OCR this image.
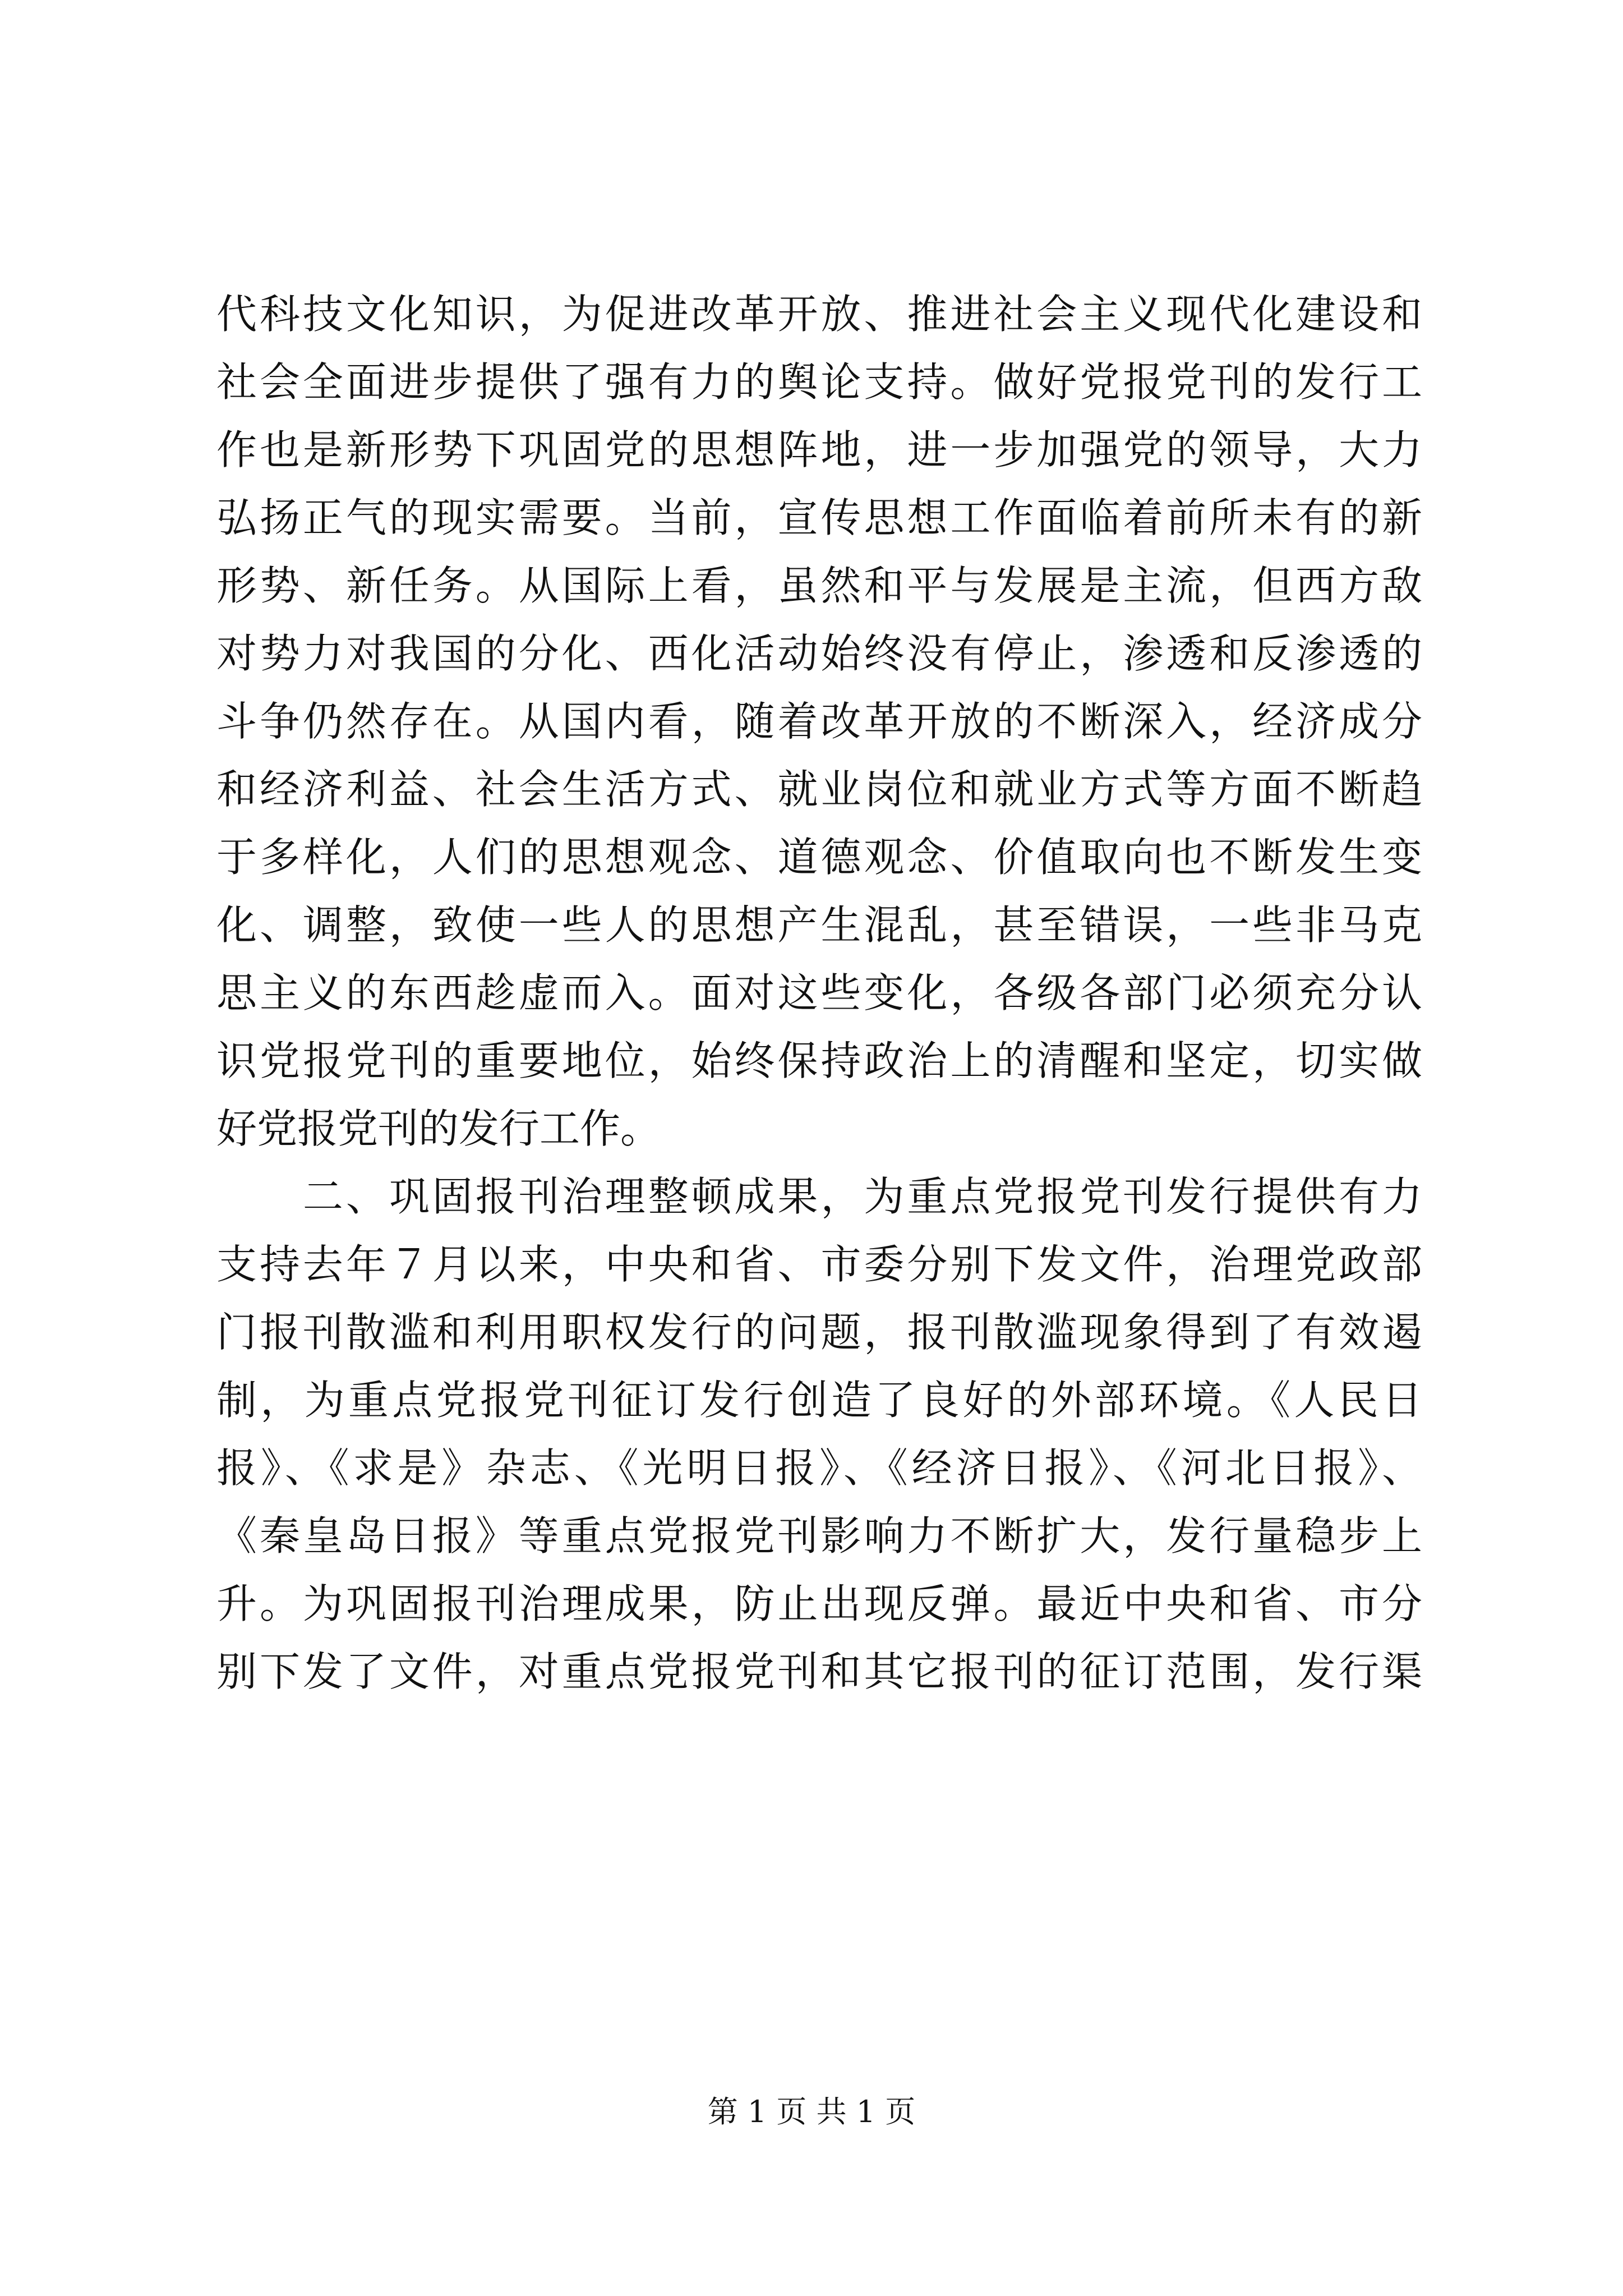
代科技文化知识，为促进改革开放、推进社会主义现代化建设和
社会全面进步提供了强有力的舆论支持。做好党报党刊的发行工
作也是新形势下巩固党的思想阵地，进一步加强党的领导，大力
弘扬正气的现实需要。当前，宣传思想工作面临着前所未有的新
形势、新任务。从国际上看，虽然和平与发展是主流，但西方敌
对势力对我国的分化、西化活动始终没有停止，渗透和反渗透的
斗争仍然存在。从国内看，随着改革开放的不断深入，经济成分
和经济利益、社会生活方式、就业岗位和就业方式等方面不断趋
于多样化，人们的思想观念、道德观念、价值取向也不断发生变
化、调整，致使一些人的思想产生混乱，甚至错误，一些非马克
思主义的东西趁虚而入。面对这些变化，各级各部门必须充分认
识党报党刊的重要地位，始终保持政治上的清醒和坚定，切实做
好党报党刊的发行工作。
　　二、巩固报刊治理整顿成果，为重点党报党刊发行提供有力
支持去年７月以来，中央和省、市委分别下发文件，治理党政部
门报刊散滥和利用职权发行的问题，报刊散滥现象得到了有效遏
制，为重点党报党刊征订发行创造了良好的外部环境。《人民日
报》、《求是》杂志、《光明日报》、《经济日报》、《河北日报》、
《秦皇岛日报》等重点党报党刊影响力不断扩大，发行量稳步上
升。为巩固报刊治理成果，防止出现反弹。最近中央和省、市分
别下发了文件，对重点党报党刊和其它报刊的征订范围，发行渠
第 1 页 共 1 页
